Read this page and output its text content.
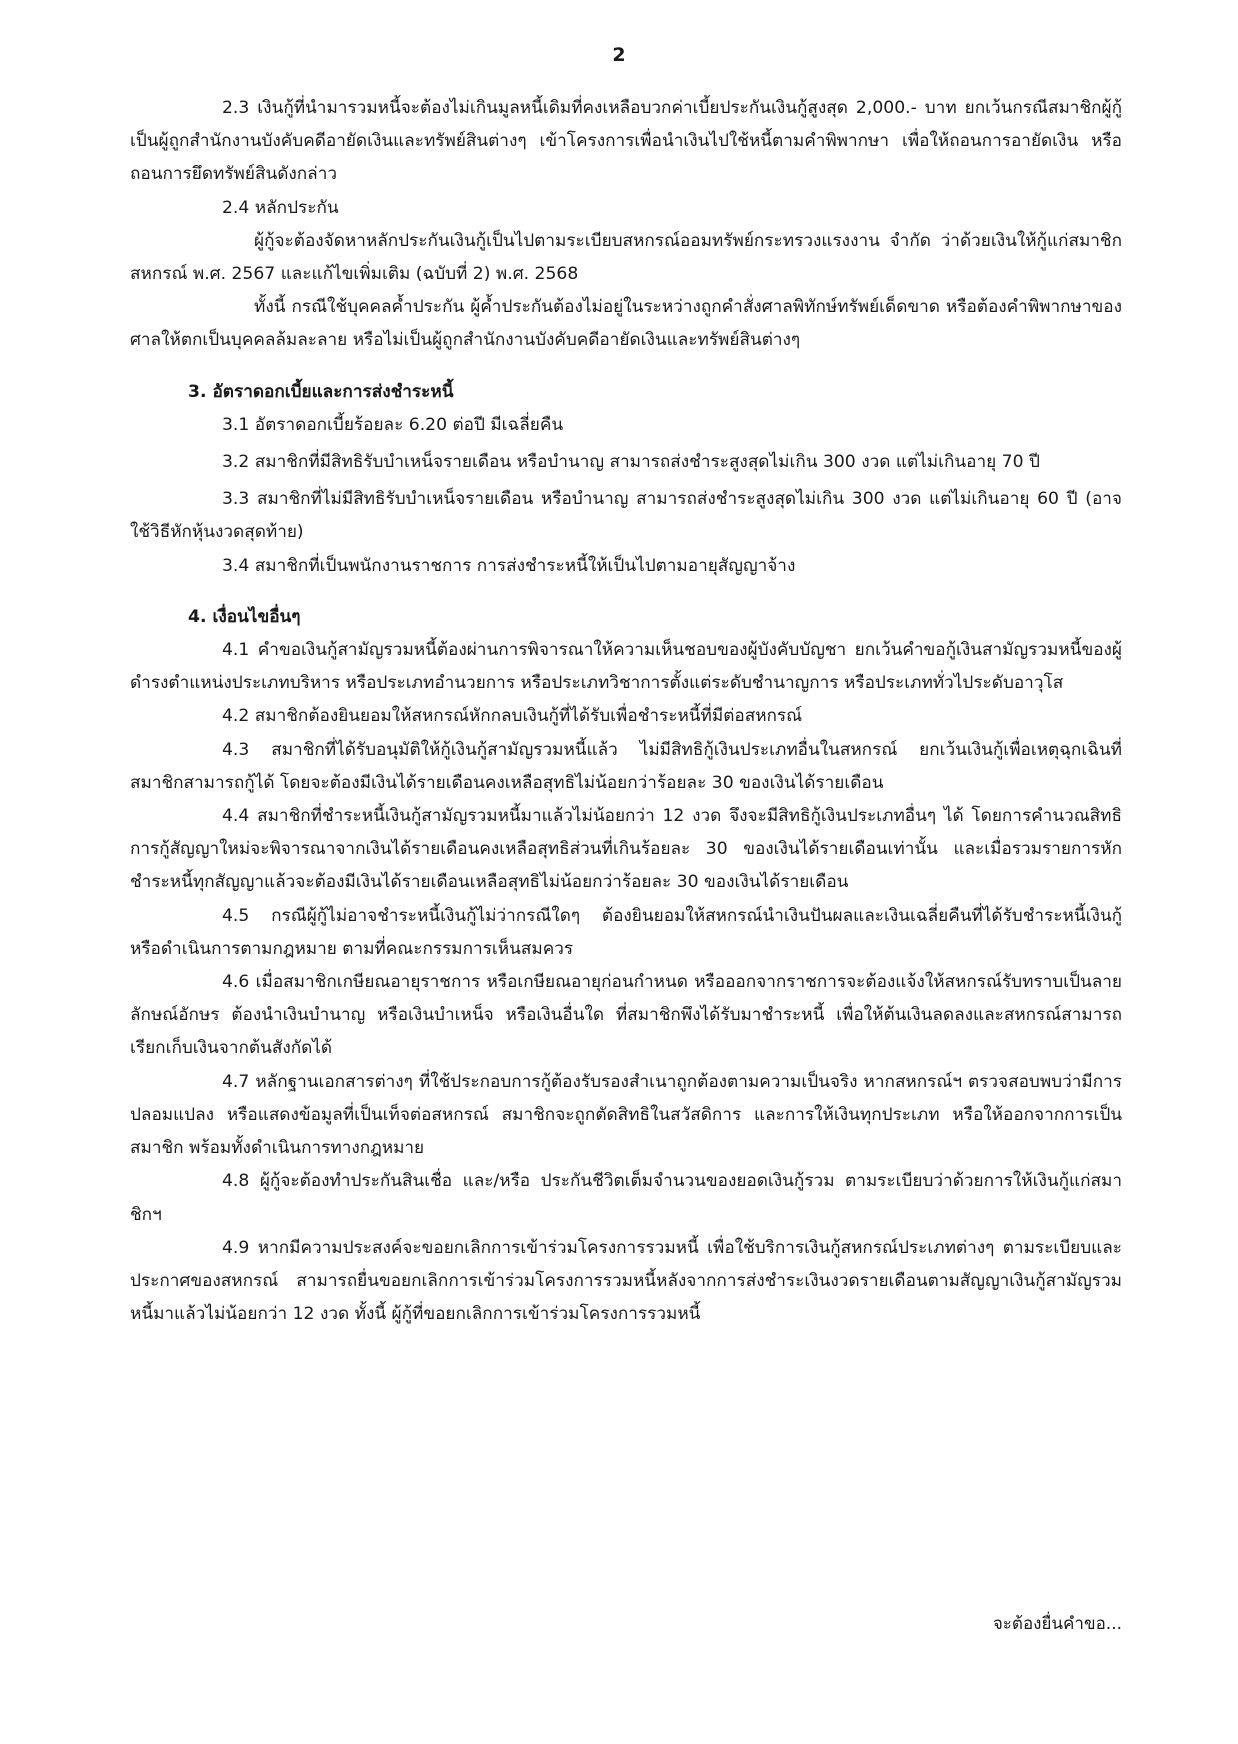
2

2.3 เงินกู้ที่นำมารวมหนี้จะต้องไม่เกินมูลหนี้เดิมที่คงเหลือบวกค่าเบี้ยประกันเงินกู้สูงสุด 2,000.- บาท ยกเว้นกรณีสมาชิกผู้กู้เป็นผู้ถูกสำนักงานบังคับคดีอายัดเงินและทรัพย์สินต่างๆ เข้าโครงการเพื่อนำเงินไปใช้หนี้ตามคำพิพากษา เพื่อให้ถอนการอายัดเงิน หรือถอนการยึดทรัพย์สินดังกล่าว

2.4 หลักประกัน

ผู้กู้จะต้องจัดหาหลักประกันเงินกู้เป็นไปตามระเบียบสหกรณ์ออมทรัพย์กระทรวงแรงงาน จำกัด ว่าด้วยเงินให้กู้แก่สมาชิกสหกรณ์ พ.ศ. 2567 และแก้ไขเพิ่มเติม (ฉบับที่ 2) พ.ศ. 2568

ทั้งนี้ กรณีใช้บุคคลค้ำประกัน ผู้ค้ำประกันต้องไม่อยู่ในระหว่างถูกคำสั่งศาลพิทักษ์ทรัพย์เด็ดขาด หรือต้องคำพิพากษาของศาลให้ตกเป็นบุคคลล้มละลาย หรือไม่เป็นผู้ถูกสำนักงานบังคับคดีอายัดเงินและทรัพย์สินต่างๆ

3. อัตราดอกเบี้ยและการส่งชำระหนี้

3.1 อัตราดอกเบี้ยร้อยละ 6.20 ต่อปี มีเฉลี่ยคืน

3.2 สมาชิกที่มีสิทธิรับบำเหน็จรายเดือน หรือบำนาญ สามารถส่งชำระสูงสุดไม่เกิน 300 งวด แต่ไม่เกินอายุ 70 ปี

3.3 สมาชิกที่ไม่มีสิทธิรับบำเหน็จรายเดือน หรือบำนาญ สามารถส่งชำระสูงสุดไม่เกิน 300 งวด แต่ไม่เกินอายุ 60 ปี (อาจใช้วิธีหักหุ้นงวดสุดท้าย)

3.4 สมาชิกที่เป็นพนักงานราชการ การส่งชำระหนี้ให้เป็นไปตามอายุสัญญาจ้าง

4. เงื่อนไขอื่นๆ

4.1 คำขอเงินกู้สามัญรวมหนี้ต้องผ่านการพิจารณาให้ความเห็นชอบของผู้บังคับบัญชา ยกเว้นคำขอกู้เงินสามัญรวมหนี้ของผู้ดำรงตำแหน่งประเภทบริหาร หรือประเภทอำนวยการ หรือประเภทวิชาการตั้งแต่ระดับชำนาญการ หรือประเภททั่วไประดับอาวุโส

4.2 สมาชิกต้องยินยอมให้สหกรณ์หักกลบเงินกู้ที่ได้รับเพื่อชำระหนี้ที่มีต่อสหกรณ์

4.3 สมาชิกที่ได้รับอนุมัติให้กู้เงินกู้สามัญรวมหนี้แล้ว ไม่มีสิทธิกู้เงินประเภทอื่นในสหกรณ์ ยกเว้นเงินกู้เพื่อเหตุฉุกเฉินที่สมาชิกสามารถกู้ได้ โดยจะต้องมีเงินได้รายเดือนคงเหลือสุทธิไม่น้อยกว่าร้อยละ 30 ของเงินได้รายเดือน

4.4 สมาชิกที่ชำระหนี้เงินกู้สามัญรวมหนี้มาแล้วไม่น้อยกว่า 12 งวด จึงจะมีสิทธิกู้เงินประเภทอื่นๆ ได้ โดยการคำนวณสิทธิการกู้สัญญาใหม่จะพิจารณาจากเงินได้รายเดือนคงเหลือสุทธิส่วนที่เกินร้อยละ 30 ของเงินได้รายเดือนเท่านั้น และเมื่อรวมรายการหักชำระหนี้ทุกสัญญาแล้วจะต้องมีเงินได้รายเดือนเหลือสุทธิไม่น้อยกว่าร้อยละ 30 ของเงินได้รายเดือน

4.5 กรณีผู้กู้ไม่อาจชำระหนี้เงินกู้ไม่ว่ากรณีใดๆ ต้องยินยอมให้สหกรณ์นำเงินปันผลและเงินเฉลี่ยคืนที่ได้รับชำระหนี้เงินกู้ หรือดำเนินการตามกฎหมาย ตามที่คณะกรรมการเห็นสมควร

4.6 เมื่อสมาชิกเกษียณอายุราชการ หรือเกษียณอายุก่อนกำหนด หรือออกจากราชการจะต้องแจ้งให้สหกรณ์รับทราบเป็นลายลักษณ์อักษร ต้องนำเงินบำนาญ หรือเงินบำเหน็จ หรือเงินอื่นใด ที่สมาชิกพึงได้รับมาชำระหนี้ เพื่อให้ต้นเงินลดลงและสหกรณ์สามารถเรียกเก็บเงินจากต้นสังกัดได้

4.7 หลักฐานเอกสารต่างๆ ที่ใช้ประกอบการกู้ต้องรับรองสำเนาถูกต้องตามความเป็นจริง หากสหกรณ์ฯ ตรวจสอบพบว่ามีการปลอมแปลง หรือแสดงข้อมูลที่เป็นเท็จต่อสหกรณ์ สมาชิกจะถูกตัดสิทธิในสวัสดิการ และการให้เงินทุกประเภท หรือให้ออกจากการเป็นสมาชิก พร้อมทั้งดำเนินการทางกฎหมาย

4.8 ผู้กู้จะต้องทำประกันสินเชื่อ และ/หรือ ประกันชีวิตเต็มจำนวนของยอดเงินกู้รวม ตามระเบียบว่าด้วยการให้เงินกู้แก่สมาชิกฯ

4.9 หากมีความประสงค์จะขอยกเลิกการเข้าร่วมโครงการรวมหนี้ เพื่อใช้บริการเงินกู้สหกรณ์ประเภทต่างๆ ตามระเบียบและประกาศของสหกรณ์ สามารถยื่นขอยกเลิกการเข้าร่วมโครงการรวมหนี้หลังจากการส่งชำระเงินงวดรายเดือนตามสัญญาเงินกู้สามัญรวมหนี้มาแล้วไม่น้อยกว่า 12 งวด ทั้งนี้ ผู้กู้ที่ขอยกเลิกการเข้าร่วมโครงการรวมหนี้

จะต้องยื่นคำขอ...
